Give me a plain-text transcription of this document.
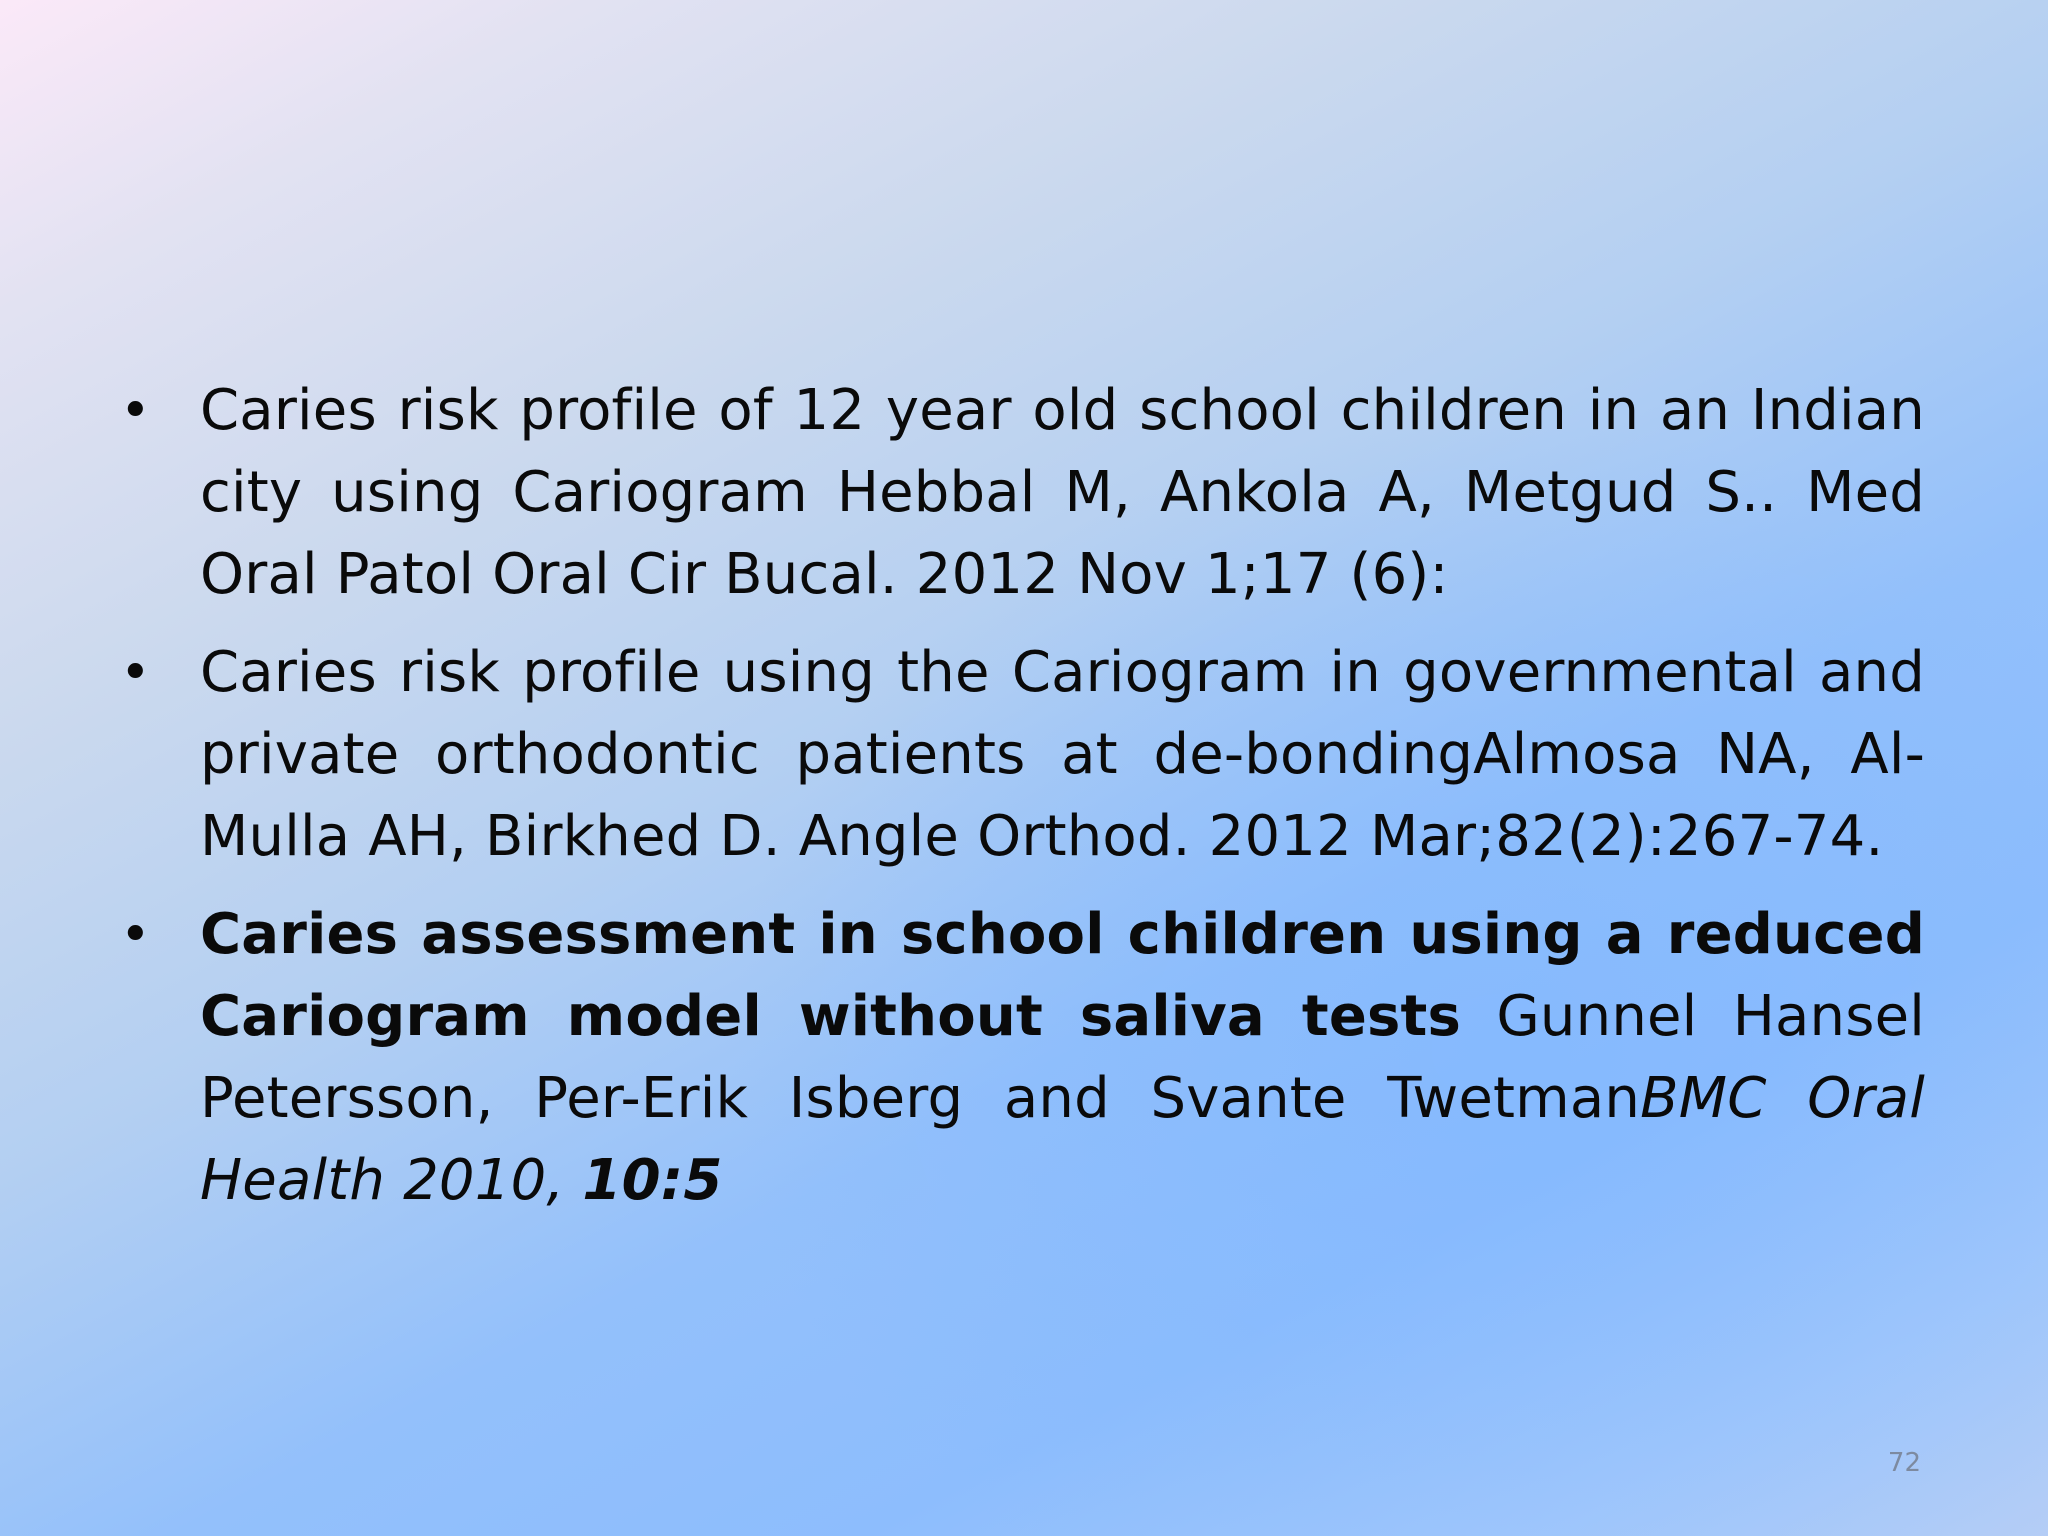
• Caries risk profile of 12 year old school children in an Indian city using Cariogram Hebbal M, Ankola A, Metgud S.. Med Oral Patol Oral Cir Bucal. 2012 Nov 1;17 (6):
• Caries risk profile using the Cariogram in governmental and private orthodontic patients at de-bondingAlmosa NA, Al-Mulla AH, Birkhed D. Angle Orthod. 2012 Mar;82(2):267-74.
• Caries assessment in school children using a reduced Cariogram model without saliva tests Gunnel Hansel Petersson, Per-Erik Isberg and Svante TwetmanBMC Oral Health 2010, 10:5
72
